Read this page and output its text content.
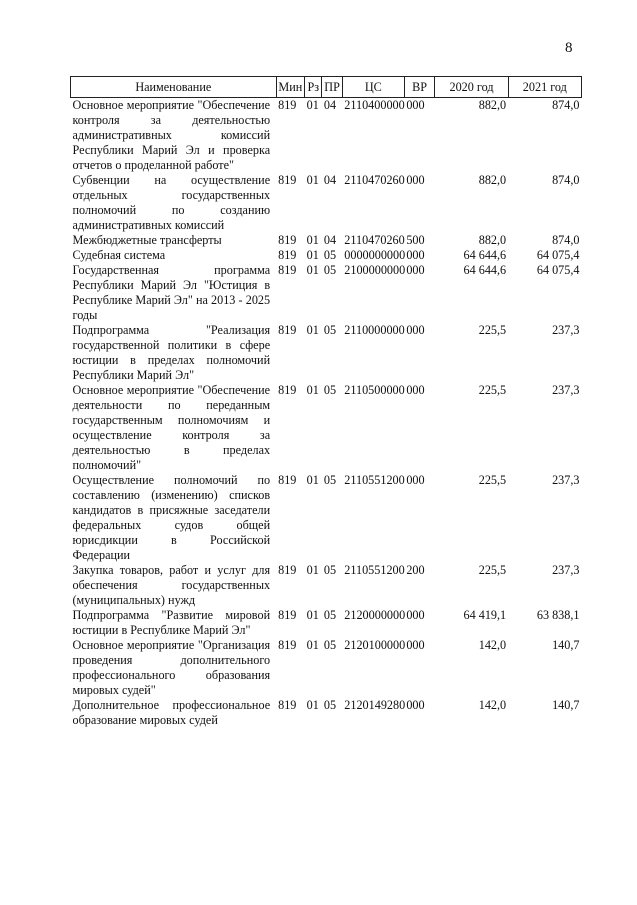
8
Наименование	Мин	Рз	ПР	ЦС	ВР	2020 год	2021 год
Основное мероприятие "Обеспечение контроля за деятельностью административных комиссий Республики Марий Эл и проверка отчетов о проделанной работе"	819	01	04	2110400000	000	882,0	874,0
Субвенции на осуществление отдельных государственных полномочий по созданию административных комиссий	819	01	04	2110470260	000	882,0	874,0
Межбюджетные трансферты	819	01	04	2110470260	500	882,0	874,0
Судебная система	819	01	05	0000000000	000	64 644,6	64 075,4
Государственная программа Республики Марий Эл "Юстиция в Республике Марий Эл" на 2013 - 2025 годы	819	01	05	2100000000	000	64 644,6	64 075,4
Подпрограмма "Реализация государственной политики в сфере юстиции в пределах полномочий Республики Марий Эл"	819	01	05	2110000000	000	225,5	237,3
Основное мероприятие "Обеспечение деятельности по переданным государственным полномочиям и осуществление контроля за деятельностью в пределах полномочий"	819	01	05	2110500000	000	225,5	237,3
Осуществление полномочий по составлению (изменению) списков кандидатов в присяжные заседатели федеральных судов общей юрисдикции в Российской Федерации	819	01	05	2110551200	000	225,5	237,3
Закупка товаров, работ и услуг для обеспечения государственных (муниципальных) нужд	819	01	05	2110551200	200	225,5	237,3
Подпрограмма "Развитие мировой юстиции в Республике Марий Эл"	819	01	05	2120000000	000	64 419,1	63 838,1
Основное мероприятие "Организация проведения дополнительного профессионального образования мировых судей"	819	01	05	2120100000	000	142,0	140,7
Дополнительное профессиональное образование мировых судей	819	01	05	2120149280	000	142,0	140,7
